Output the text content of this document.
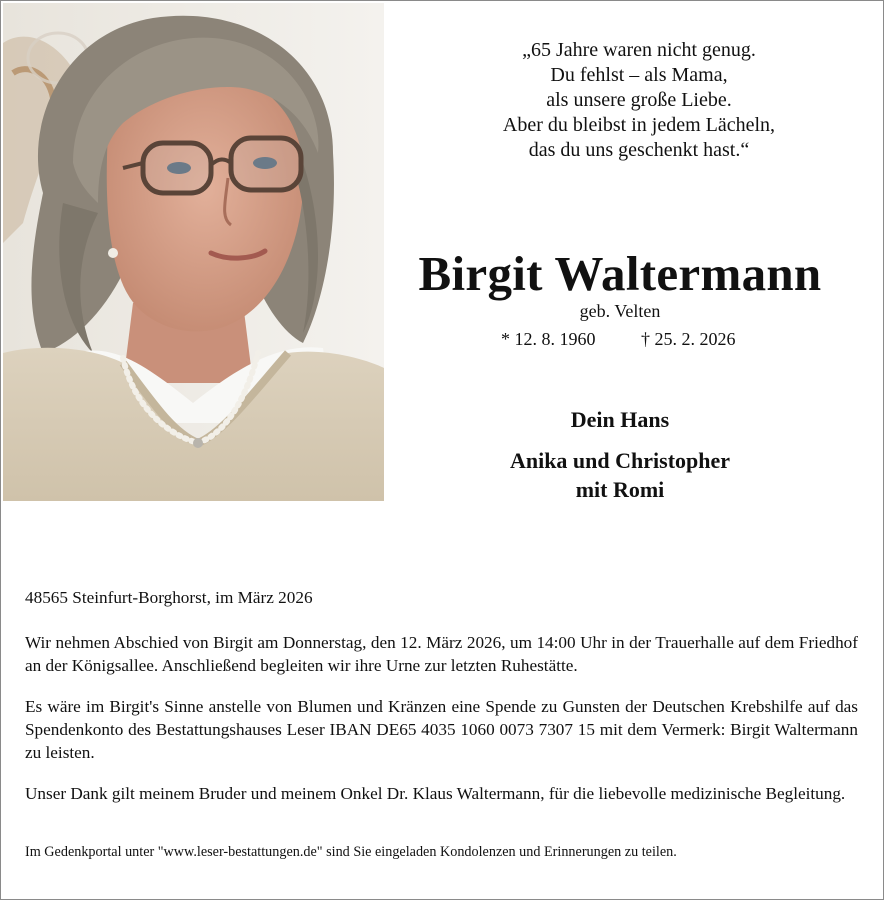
„65 Jahre waren nicht genug.
Du fehlst – als Mama,
als unsere große Liebe.
Aber du bleibst in jedem Lächeln,
das du uns geschenkt hast.“
Birgit Waltermann
geb. Velten
* 12. 8. 1960	† 25. 2. 2026
Dein Hans
Anika und Christopher
mit Romi
48565 Steinfurt-Borghorst, im März 2026
Wir nehmen Abschied von Birgit am Donnerstag, den 12. März 2026, um 14:00 Uhr in der Trauerhalle auf dem Friedhof an der Königsallee. Anschließend begleiten wir ihre Urne zur letzten Ruhestätte.
Es wäre im Birgit's Sinne anstelle von Blumen und Kränzen eine Spende zu Gunsten der Deutschen Krebshilfe auf das Spendenkonto des Bestattungshauses Leser IBAN DE65 4035 1060 0073 7307 15 mit dem Vermerk: Birgit Waltermann zu leisten.
Unser Dank gilt meinem Bruder und meinem Onkel Dr. Klaus Waltermann, für die liebevolle medizinische Begleitung.
Im Gedenkportal unter "www.leser-bestattungen.de" sind Sie eingeladen Kondolenzen und Erinnerungen zu teilen.
